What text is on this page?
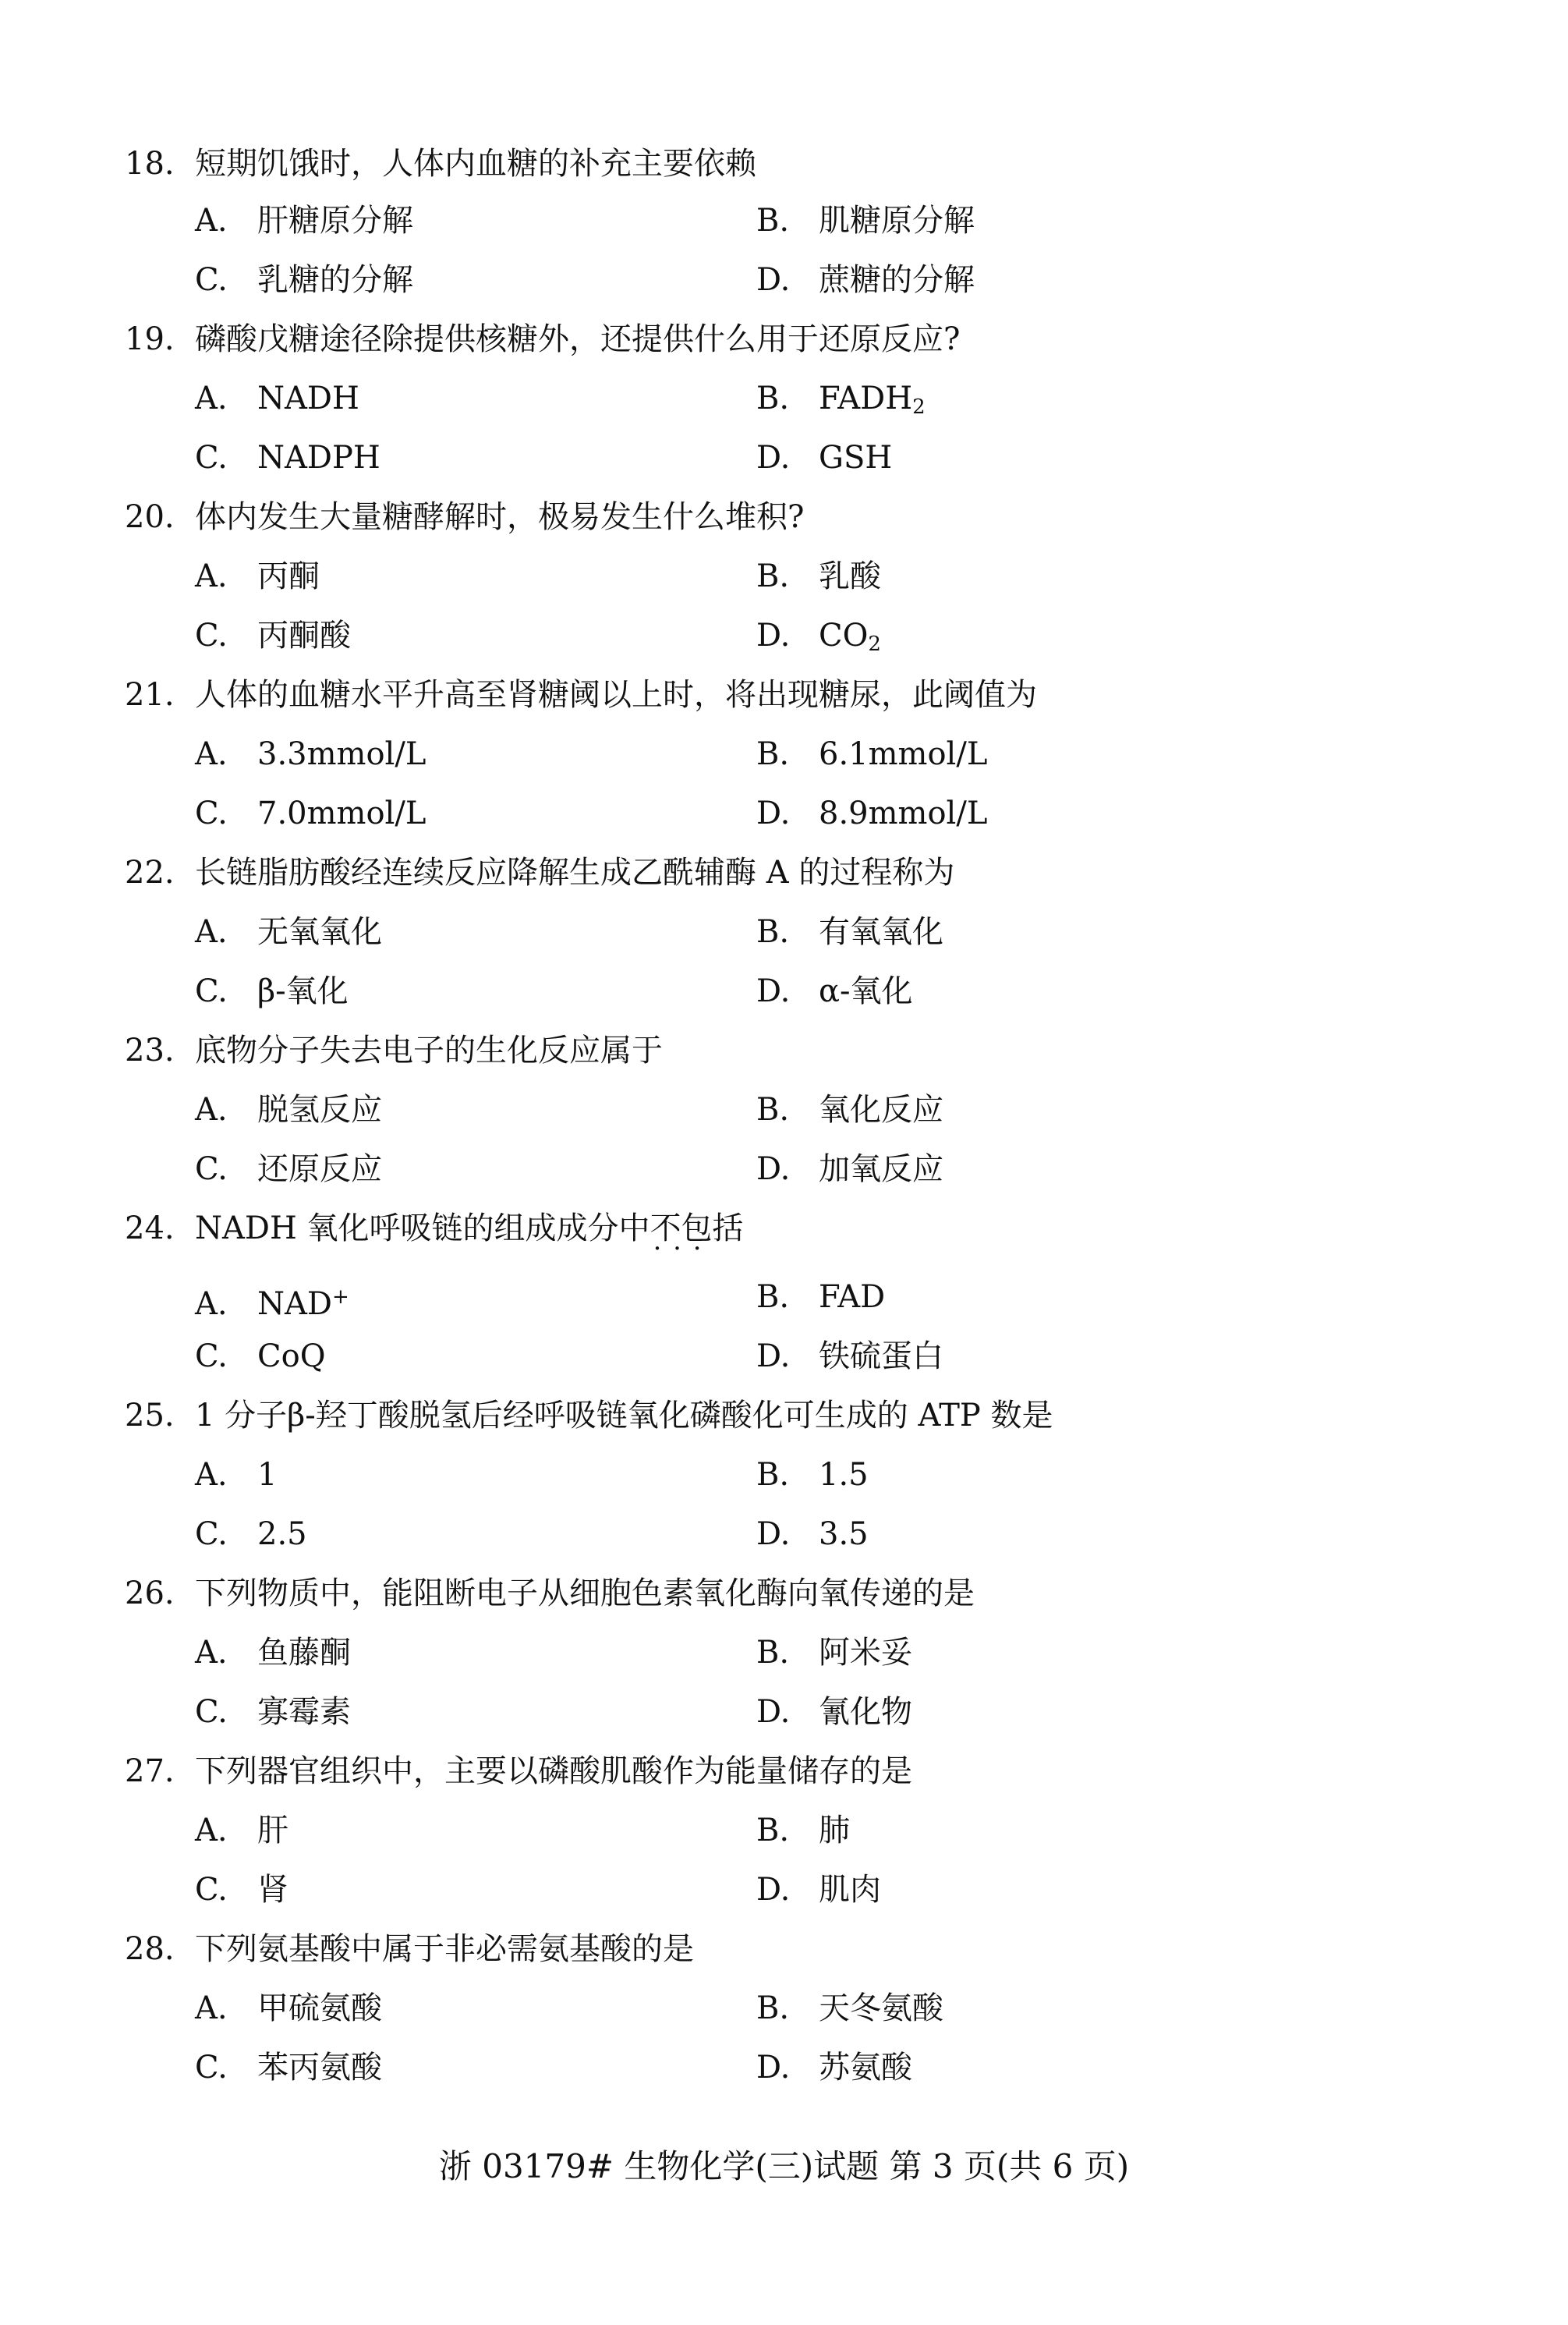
18. 短期饥饿时，人体内血糖的补充主要依赖
A. 肝糖原分解	B. 肌糖原分解
C. 乳糖的分解	D. 蔗糖的分解
19. 磷酸戊糖途径除提供核糖外，还提供什么用于还原反应?
A. NADH	B. $FADH_2$
C. NADPH	D. GSH
20. 体内发生大量糖酵解时，极易发生什么堆积?
A. 丙酮	B. 乳酸
C. 丙酮酸	D. $CO_2$
21. 人体的血糖水平升高至肾糖阈以上时，将出现糖尿，此阈值为
A. 3.3mmol/L	B. 6.1mmol/L
C. 7.0mmol/L	D. 8.9mmol/L
22. 长链脂肪酸经连续反应降解生成乙酰辅酶 A 的过程称为
A. 无氧氧化	B. 有氧氧化
C. β-氧化	D. α-氧化
23. 底物分子失去电子的生化反应属于
A. 脱氢反应	B. 氧化反应
C. 还原反应	D. 加氧反应
24. NADH 氧化呼吸链的组成成分中不包括 · · ·
A. NAD+	B. FAD
C. CoQ	D. 铁硫蛋白
25. 1 分子β-羟丁酸脱氢后经呼吸链氧化磷酸化可生成的 ATP 数是
A. 1	B. 1.5
C. 2.5	D. 3.5
26. 下列物质中，能阻断电子从细胞色素氧化酶向氧传递的是
A. 鱼藤酮	B. 阿米妥
C. 寡霉素	D. 氰化物
27. 下列器官组织中，主要以磷酸肌酸作为能量储存的是
A. 肝	B. 肺
C. 肾	D. 肌肉
28. 下列氨基酸中属于非必需氨基酸的是
A. 甲硫氨酸	B. 天冬氨酸
C. 苯丙氨酸	D. 苏氨酸
浙 03179# 生物化学(三)试题 第 3 页(共 6 页)
